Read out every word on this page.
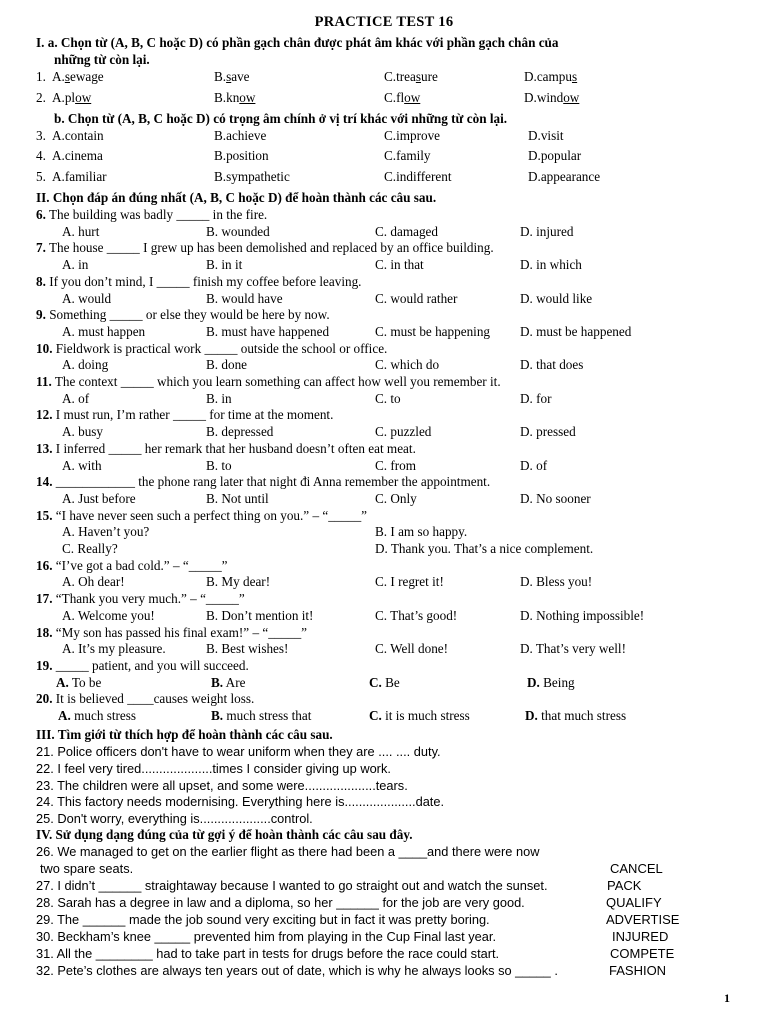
PRACTICE TEST 16
I. a. Chọn từ (A, B, C hoặc D) có phần gạch chân được phát âm khác với phần gạch chân của
những từ còn lại.
1. A.sewage	B.save	C.treasure	D.campus
2. A.plow	B.know	C.flow	D.window
b. Chọn từ (A, B, C hoặc D) có trọng âm chính ở vị trí khác với những từ còn lại.
3. A.contain	B.achieve	C.improve	D.visit
4. A.cinema	B.position	C.family	D.popular
5. A.familiar	B.sympathetic	C.indifferent	D.appearance
II. Chọn đáp án đúng nhất (A, B, C hoặc D) để hoàn thành các câu sau.
6. The building was badly _____ in the fire.
A. hurt	B. wounded	C. damaged	D. injured
7. The house _____ I grew up has been demolished and replaced by an office building.
A. in	B. in it	C. in that	D. in which
8. If you don’t mind, I _____ finish my coffee before leaving.
A. would	B. would have	C. would rather	D. would like
9. Something _____ or else they would be here by now.
A. must happen	B. must have happened	C. must be happening D. must be happened
10. Fieldwork is practical work _____ outside the school or office.
A. doing	B. done	C. which do	D. that does
11. The context _____ which you learn something can affect how well you remember it.
A. of	B. in	C. to	D. for
12. I must run, I’m rather _____ for time at the moment.
A. busy	B. depressed	C. puzzled	D. pressed
13. I inferred _____ her remark that her husband doesn’t often eat meat.
A. with	B. to	C. from	D. of
14. ____________ the phone rang later that night đi Anna remember the appointment.
A. Just before	B. Not until	C. Only	D. No sooner
15. “I have never seen such a perfect thing on you.” – “_____”
A. Haven’t you?	B. I am so happy.
C. Really?	D. Thank you. That’s a nice complement.
16. “I’ve got a bad cold.” – “_____”
A. Oh dear!	B. My dear!	C. I regret it!	D. Bless you!
17. “Thank you very much.” – “_____”
A. Welcome you!	B. Don’t mention it!	C. That’s good!	D. Nothing impossible!
18. “My son has passed his final exam!” – “_____”
A. It’s my pleasure.	B. Best wishes!	C. Well done!	D. That’s very well!
19. _____ patient, and you will succeed.
A. To be	B. Are	C. Be	D. Being
20. It is believed ____causes weight loss.
A. much stress	B. much stress that	C. it is much stress	D. that much stress
III. Tìm giới từ thích hợp để hoàn thành các câu sau.
21. Police officers don't have to wear uniform when they are .... .... duty.
22. I feel very tired....................times I consider giving up work.
23. The children were all upset, and some were....................tears.
24. This factory needs modernising. Everything here is....................date.
25. Don't worry, everything is....................control.
IV. Sử dụng dạng đúng của từ gợi ý để hoàn thành các câu sau đây.
26. We managed to get on the earlier flight as there had been a ____and there were now
two spare seats.
27. I didn’t ______ straightaway because I wanted to go straight out and watch the sunset.
28. Sarah has a degree in law and a diploma, so her ______ for the job are very good.
29. The ______ made the job sound very exciting but in fact it was pretty boring.
30. Beckham’s knee _____ prevented him from playing in the Cup Final last year.
31. All the ________ had to take part in tests for drugs before the race could start.
32. Pete’s clothes are always ten years out of date, which is why he always looks so _____ .
CANCEL
PACK
QUALIFY
ADVERTISE
INJURED
COMPETE
FASHION
1
